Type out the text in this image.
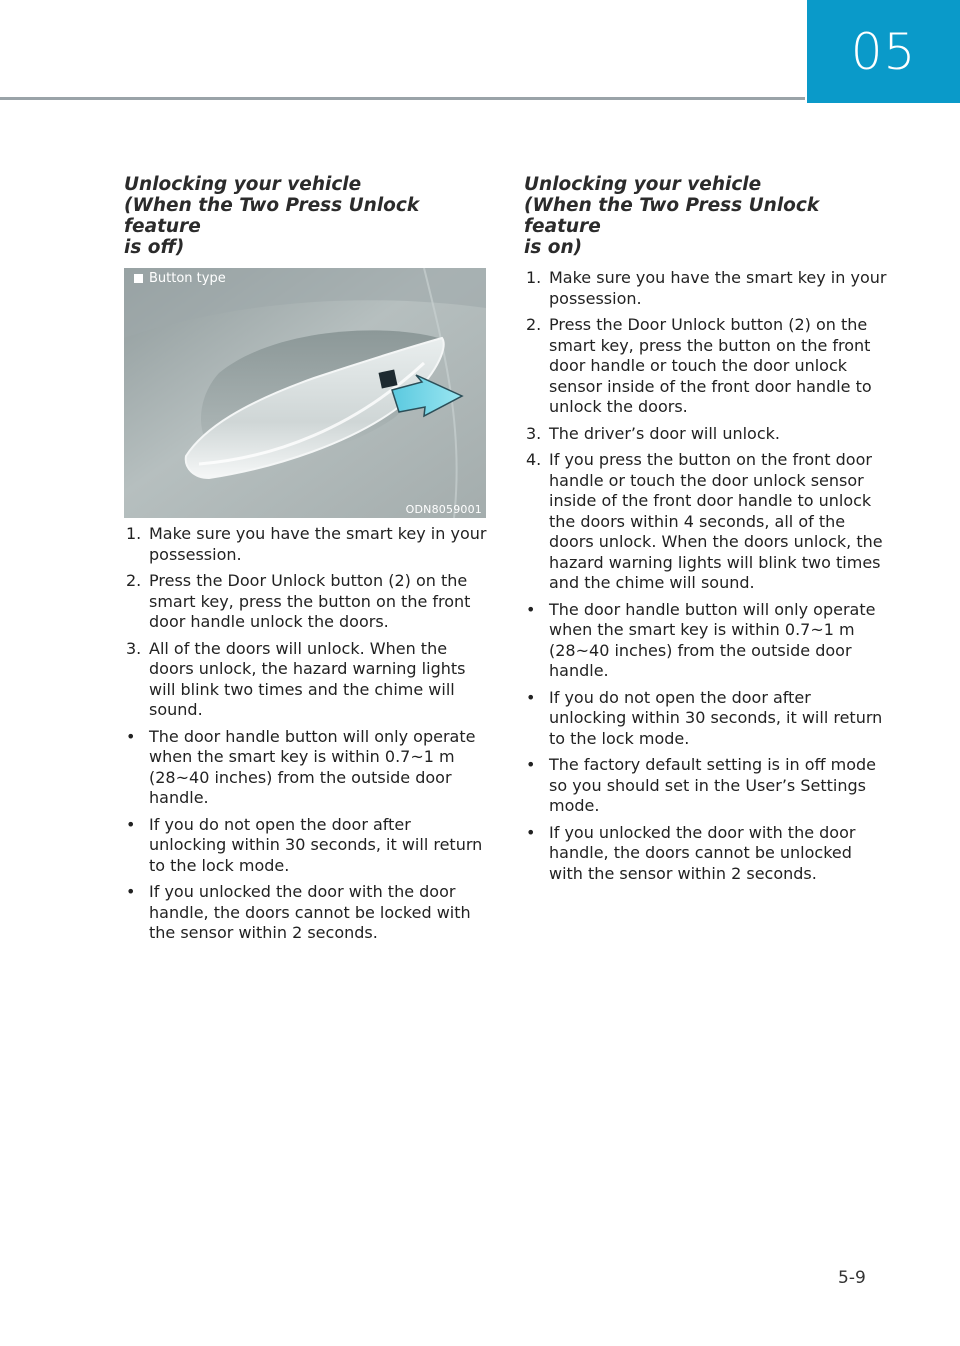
05
Unlocking your vehicle
(When the Two Press Unlock feature
is off)
Button type
ODN8059001
1. Make sure you have the smart key in your possession.
2. Press the Door Unlock button (2) on the smart key, press the button on the front door handle unlock the doors.
3. All of the doors will unlock. When the doors unlock, the hazard warning lights will blink two times and the chime will sound.
• The door handle button will only operate when the smart key is within 0.7~1 m (28~40 inches) from the outside door handle.
• If you do not open the door after unlocking within 30 seconds, it will return to the lock mode.
• If you unlocked the door with the door handle, the doors cannot be locked with the sensor within 2 seconds.
Unlocking your vehicle
(When the Two Press Unlock feature
is on)
1. Make sure you have the smart key in your possession.
2. Press the Door Unlock button (2) on the smart key, press the button on the front door handle or touch the door unlock sensor inside of the front door handle to unlock the doors.
3. The driver’s door will unlock.
4. If you press the button on the front door handle or touch the door unlock sensor inside of the front door handle to unlock the doors within 4 seconds, all of the doors unlock. When the doors unlock, the hazard warning lights will blink two times and the chime will sound.
• The door handle button will only operate when the smart key is within 0.7~1 m (28~40 inches) from the outside door handle.
• If you do not open the door after unlocking within 30 seconds, it will return to the lock mode.
• The factory default setting is in off mode so you should set in the User’s Settings mode.
• If you unlocked the door with the door handle, the doors cannot be unlocked with the sensor within 2 seconds.
5-9
